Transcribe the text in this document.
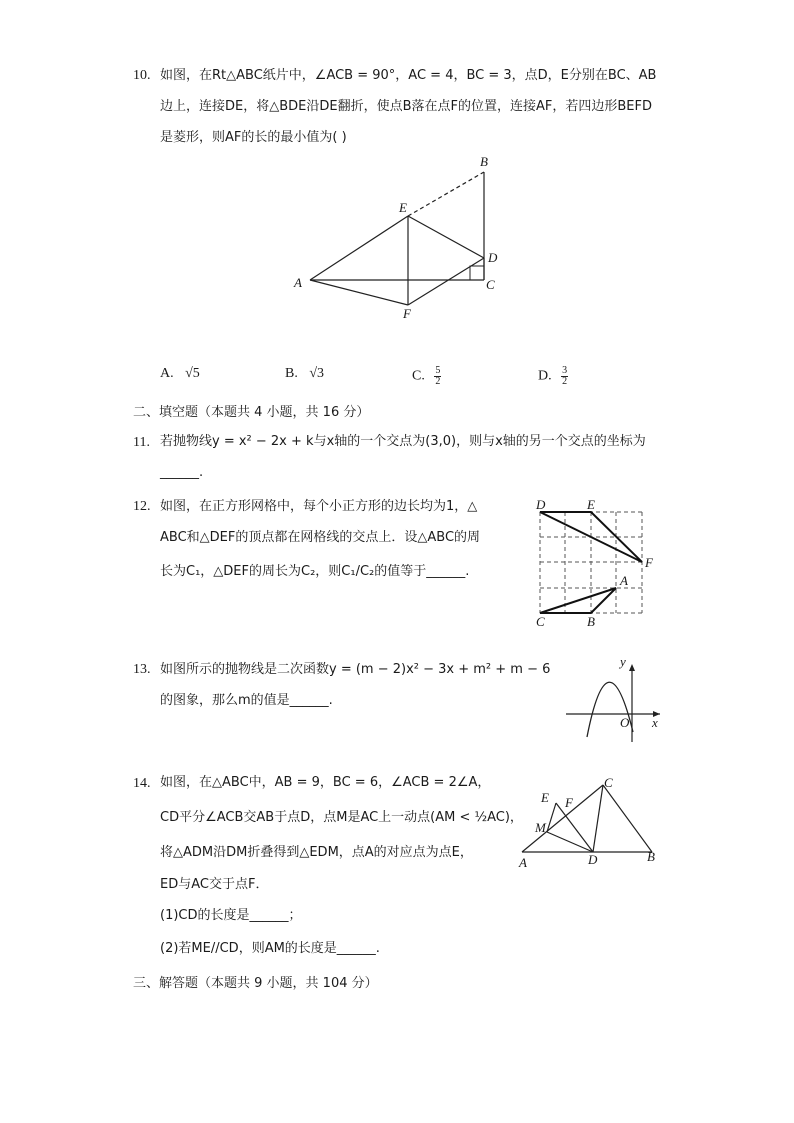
10. 如图，在Rt△ABC纸片中，∠ACB = 90°，AC = 4，BC = 3，点D，E分别在BC、AB
边上，连接DE，将△BDE沿DE翻折，使点B落在点F的位置，连接AF，若四边形BEFD
是菱形，则AF的长的最小值为( )
A
B
C
D
E
F
A. √5	B. √3	C. $\frac{5}{2}$	D. $\frac{3}{2}$
二、填空题（本题共 4 小题，共 16 分）
11. 若抛物线y = x² − 2x + k与x轴的一个交点为(3,0)，则与x轴的另一个交点的坐标为
______.
12. 如图，在正方形网格中，每个小正方形的边长均为1，△
ABC和△DEF的顶点都在网格线的交点上．设△ABC的周
长为C₁，△DEF的周长为C₂，则C₁/C₂的值等于______.
D	E
F
A
C	B
13. 如图所示的抛物线是二次函数y = (m − 2)x² − 3x + m² + m − 6
的图象，那么m的值是______.
y
x
O
14. 如图，在△ABC中，AB = 9，BC = 6，∠ACB = 2∠A，
CD平分∠ACB交AB于点D，点M是AC上一动点(AM < ½AC)，
将△ADM沿DM折叠得到△EDM，点A的对应点为点E，
ED与AC交于点F．
(1)CD的长度是______；
(2)若ME//CD，则AM的长度是______.
A	B
C
D
E F
M
三、解答题（本题共 9 小题，共 104 分）
